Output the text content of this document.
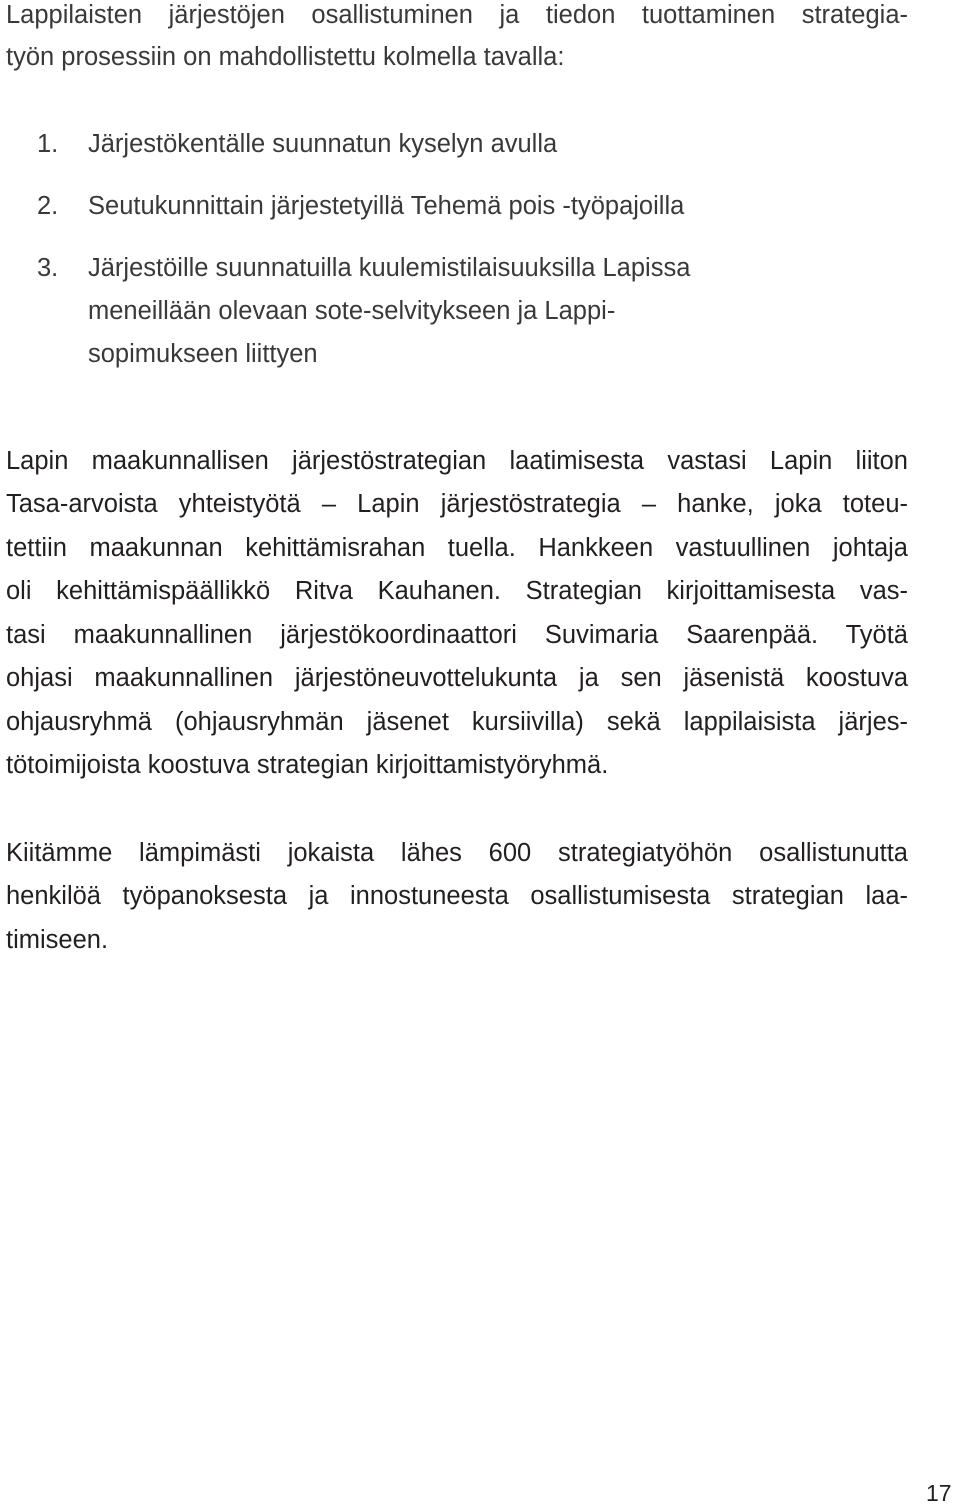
Lappilaisten järjestöjen osallistuminen ja tiedon tuottaminen strategia-
työn prosessiin on mahdollistettu kolmella tavalla:
1. Järjestökentälle suunnatun kyselyn avulla
2. Seutukunnittain järjestetyillä Tehemä pois -työpajoilla
3. Järjestöille suunnatuilla kuulemistilaisuuksilla Lapissa
meneillään olevaan sote-selvitykseen ja Lappi-
sopimukseen liittyen
Lapin maakunnallisen järjestöstrategian laatimisesta vastasi Lapin liiton
Tasa-arvoista yhteistyötä – Lapin järjestöstrategia – hanke, joka toteu-
tettiin maakunnan kehittämisrahan tuella. Hankkeen vastuullinen johtaja
oli kehittämispäällikkö Ritva Kauhanen. Strategian kirjoittamisesta vas-
tasi maakunnallinen järjestökoordinaattori Suvimaria Saarenpää. Työtä
ohjasi maakunnallinen järjestöneuvottelukunta ja sen jäsenistä koostuva
ohjausryhmä (ohjausryhmän jäsenet kursiivilla) sekä lappilaisista järjes-
tötoimijoista koostuva strategian kirjoittamistyöryhmä.
Kiitämme lämpimästi jokaista lähes 600 strategiatyöhön osallistunutta
henkilöä työpanoksesta ja innostuneesta osallistumisesta strategian laa-
timiseen.
17
